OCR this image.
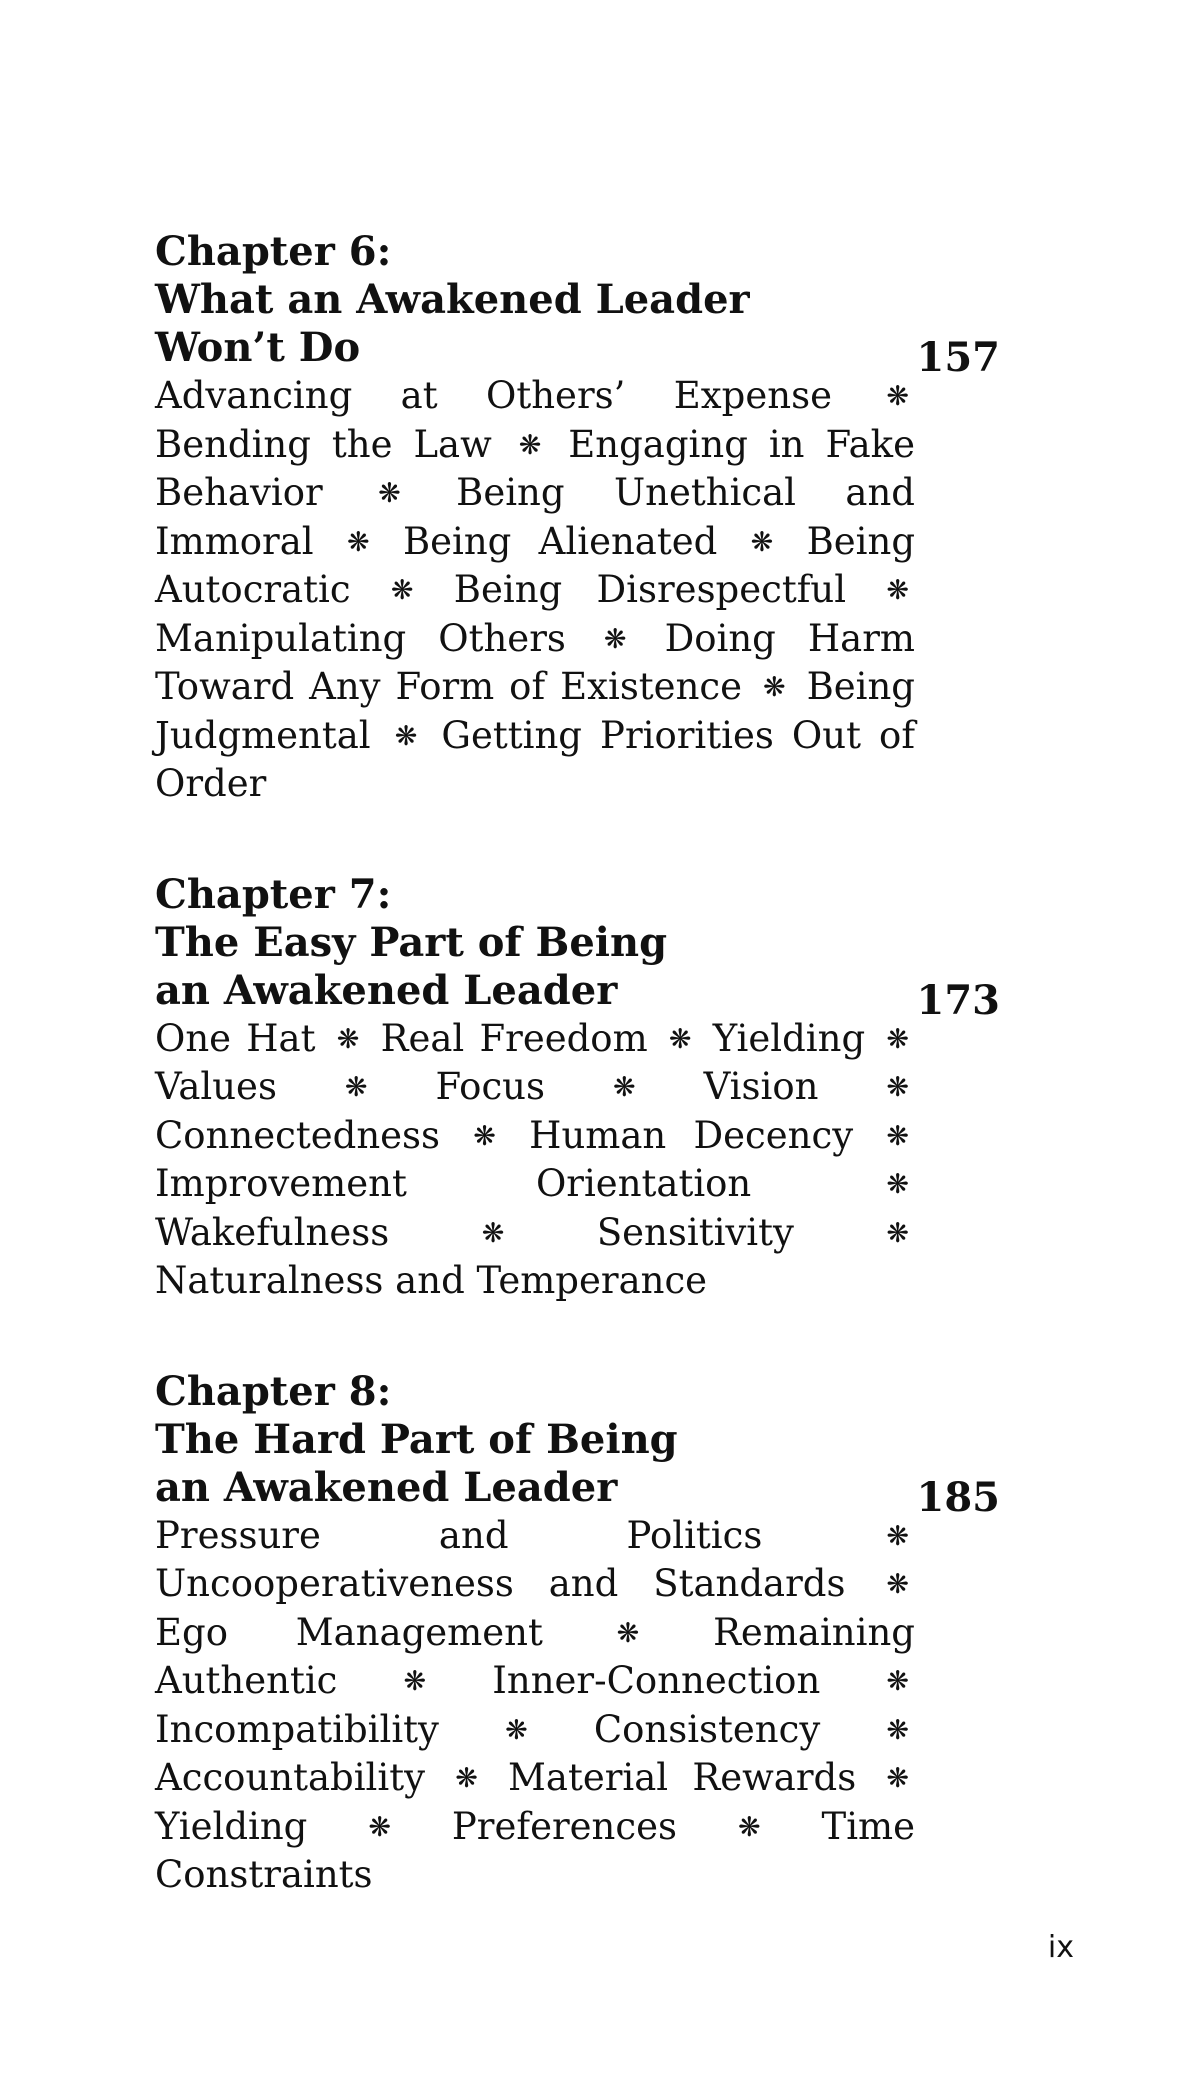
Chapter 6:
What an Awakened Leader
Won’t Do	157
Advancing at Others’ Expense ❋ Bending the Law ❋ Engaging in Fake Behavior ❋ Being Unethical and Immoral ❋ Being Alienated ❋ Being Autocratic ❋ Being Disrespectful ❋ Manipulating Others ❋ Doing Harm Toward Any Form of Existence ❋ Being Judgmental ❋ Getting Priorities Out of Order
Chapter 7:
The Easy Part of Being
an Awakened Leader	173
One Hat ❋ Real Freedom ❋ Yielding ❋ Values	❋ Focus	❋ Vision	❋ Connectedness ❋ Human Decency ❋ Improvement Orientation	❋ Wakefulness	❋ Sensitivity	❋ Naturalness and Temperance
Chapter 8:
The Hard Part of Being
an Awakened Leader	185
Pressure and Politics	❋ Uncooperativeness and Standards ❋ Ego Management	❋ Remaining Authentic ❋ Inner-Connection ❋ Incompatibility ❋ Consistency ❋ Accountability ❋ Material Rewards ❋ Yielding ❋ Preferences ❋ Time Constraints
ix
